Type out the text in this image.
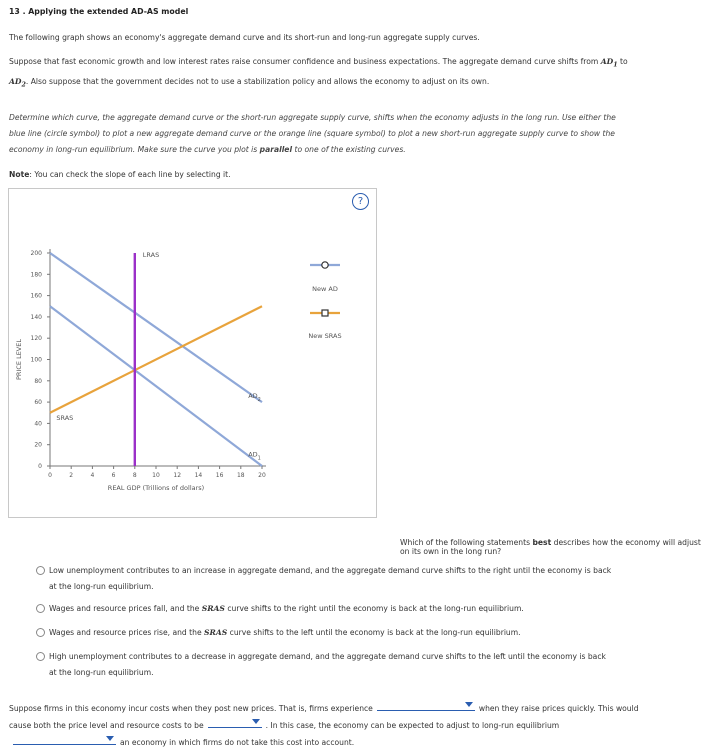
13 . Applying the extended AD-AS model
The following graph shows an economy's aggregate demand curve and its short-run and long-run aggregate supply curves.
Suppose that fast economic growth and low interest rates raise consumer confidence and business expectations. The aggregate demand curve shifts from $AD_1$ to $AD_2$. Also suppose that the government decides not to use a stabilization policy and allows the economy to adjust on its own.
Determine which curve, the aggregate demand curve or the short-run aggregate supply curve, shifts when the economy adjusts in the long run. Use either the blue line (circle symbol) to plot a new aggregate demand curve or the orange line (square symbol) to plot a new short-run aggregate supply curve to show the economy in long-run equilibrium. Make sure the curve you plot is parallel to one of the existing curves.
Note: You can check the slope of each line by selecting it.
0	2	4	6	8	10 12 14 16 18 20
0
20
40
60
80
100
120
140
160
180
200
REAL GDP (Trillions of dollars)
PRICE LEVEL
LRAS
SRAS
$AD_2$
$AD_1$
New AD
New SRAS
?
Which of the following statements best describes how the economy will adjust on its own in the long run?
Low unemployment contributes to an increase in aggregate demand, and the aggregate demand curve shifts to the right until the economy is back at the long-run equilibrium.
Wages and resource prices fall, and the SRAS curve shifts to the right until the economy is back at the long-run equilibrium.
Wages and resource prices rise, and the SRAS curve shifts to the left until the economy is back at the long-run equilibrium.
High unemployment contributes to a decrease in aggregate demand, and the aggregate demand curve shifts to the left until the economy is back at the long-run equilibrium.
Suppose firms in this economy incur costs when they post new prices. That is, firms experience	when they raise prices quickly. This would cause both the price level and resource costs to be	. In this case, the economy can be expected to adjust to long-run equilibrium
an economy in which firms do not take this cost into account.
